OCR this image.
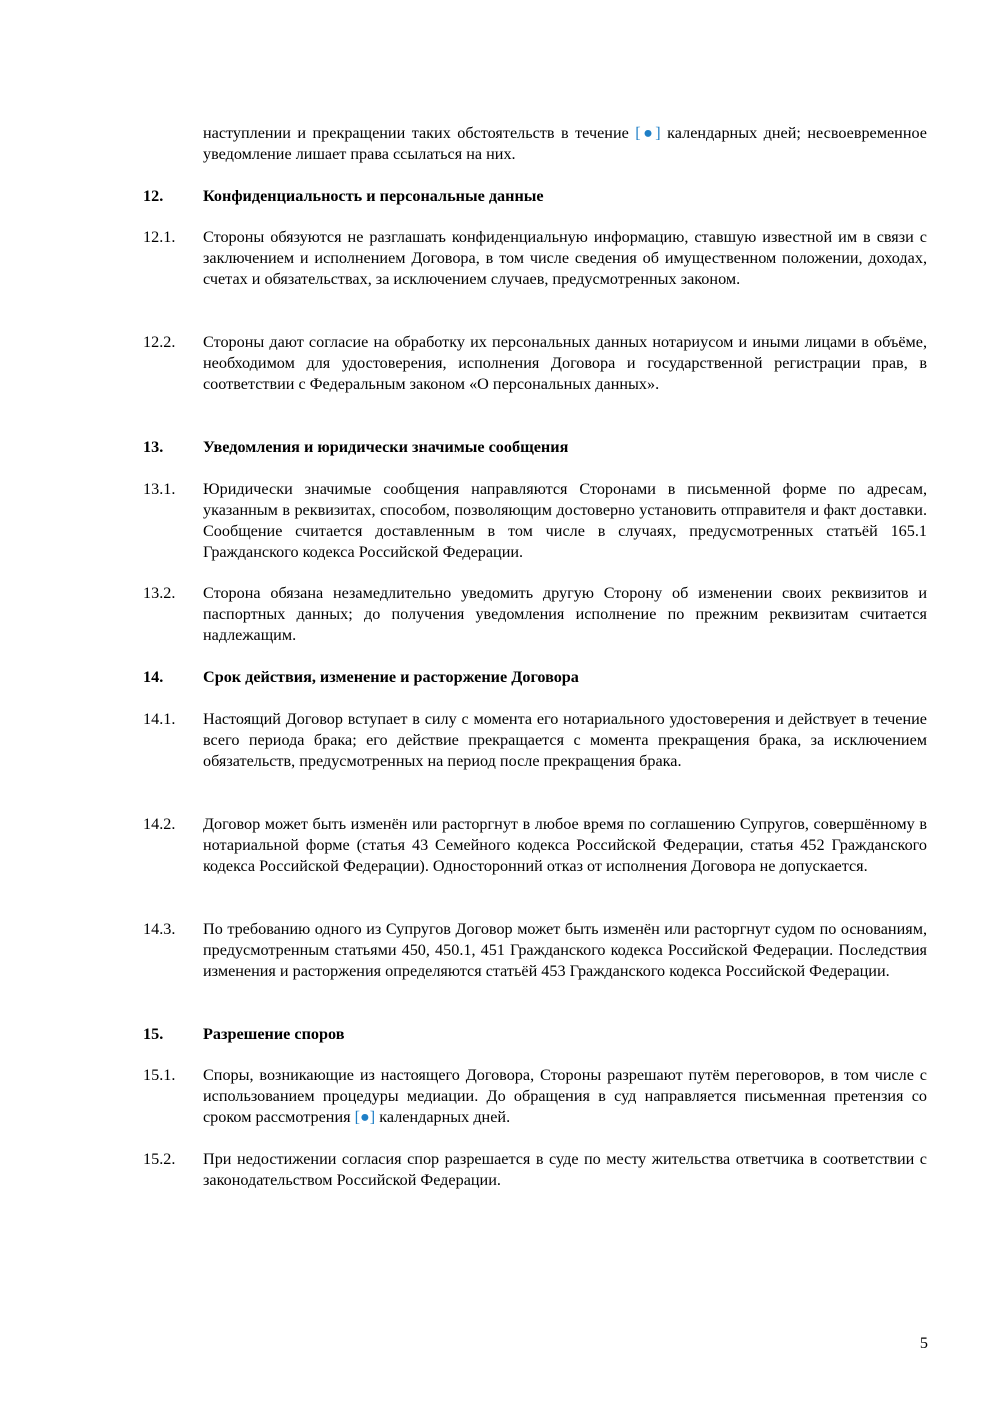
наступлении и прекращении таких обстоятельств в течение [●] календарных дней; несвоевременное уведомление лишает права ссылаться на них.
12.	Конфиденциальность и персональные данные
12.1.	Стороны обязуются не разглашать конфиденциальную информацию, ставшую известной им в связи с заключением и исполнением Договора, в том числе сведения об имущественном положении, доходах, счетах и обязательствах, за исключением случаев, предусмотренных законом.
12.2.	Стороны дают согласие на обработку их персональных данных нотариусом и иными лицами в объёме, необходимом для удостоверения, исполнения Договора и государственной регистрации прав, в соответствии с Федеральным законом «О персональных данных».
13.	Уведомления и юридически значимые сообщения
13.1.	Юридически значимые сообщения направляются Сторонами в письменной форме по адресам, указанным в реквизитах, способом, позволяющим достоверно установить отправителя и факт доставки. Сообщение считается доставленным в том числе в случаях, предусмотренных статьёй 165.1 Гражданского кодекса Российской Федерации.
13.2.	Сторона обязана незамедлительно уведомить другую Сторону об изменении своих реквизитов и паспортных данных; до получения уведомления исполнение по прежним реквизитам считается надлежащим.
14.	Срок действия, изменение и расторжение Договора
14.1.	Настоящий Договор вступает в силу с момента его нотариального удостоверения и действует в течение всего периода брака; его действие прекращается с момента прекращения брака, за исключением обязательств, предусмотренных на период после прекращения брака.
14.2.	Договор может быть изменён или расторгнут в любое время по соглашению Супругов, совершённому в нотариальной форме (статья 43 Семейного кодекса Российской Федерации, статья 452 Гражданского кодекса Российской Федерации). Односторонний отказ от исполнения Договора не допускается.
14.3.	По требованию одного из Супругов Договор может быть изменён или расторгнут судом по основаниям, предусмотренным статьями 450, 450.1, 451 Гражданского кодекса Российской Федерации. Последствия изменения и расторжения определяются статьёй 453 Гражданского кодекса Российской Федерации.
15.	Разрешение споров
15.1.	Споры, возникающие из настоящего Договора, Стороны разрешают путём переговоров, в том числе с использованием процедуры медиации. До обращения в суд направляется письменная претензия со сроком рассмотрения [●] календарных дней.
15.2.	При недостижении согласия спор разрешается в суде по месту жительства ответчика в соответствии с законодательством Российской Федерации.
5
